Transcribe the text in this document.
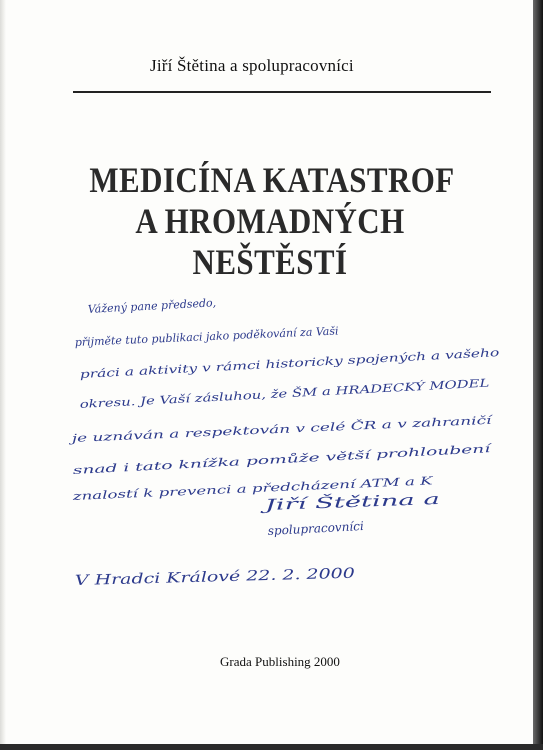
Jiří Štětina a spolupracovníci
MEDICÍNA KATASTROF
A HROMADNÝCH
NEŠTĚSTÍ
Vážený pane předsedo,
přijměte tuto publikaci jako poděkování za Vaši
práci a aktivity v rámci historicky spojených a vašeho
okresu. Je Vaší zásluhou, že ŠM a HRADECKÝ MODEL
je uznáván a respektován v celé ČR a v zahraničí
snad i tato knížka pomůže větší prohloubení
znalostí k prevenci a předcházení ATM a K
Jiří Štětina a
spolupracovníci
V Hradci Králové 22. 2. 2000
Grada Publishing 2000
